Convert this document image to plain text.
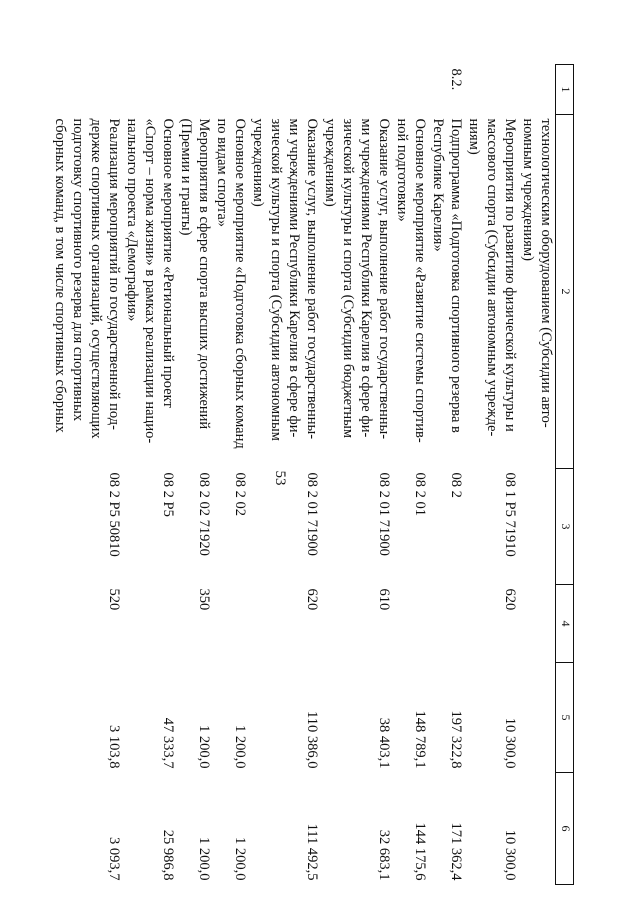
53
1	2	3	4	5	6
	технологическим оборудованием (Субсидии авто-
номным учреждениям)				
	Мероприятия по развитию физической культуры и
массового спорта (Субсидии автономным учрежде-
ниям)	08 1 Р5 71910	620	10 300,0	10 300,0
8.2.	Подпрограмма «Подготовка спортивного резерва в
Республике Карелия»	08 2		197 322,8	171 362,4
	Основное мероприятие «Развитие системы спортив-
ной подготовки»	08 2 01		148 789,1	144 175,6
	Оказание услуг, выполнение работ государственны-
ми учреждениями Республики Карелия в сфере фи-
зической культуры и спорта (Субсидии бюджетным
учреждениям)	08 2 01 71900	610	38 403,1	32 683,1
	Оказание услуг, выполнение работ государственны-
ми учреждениями Республики Карелия в сфере фи-
зической культуры и спорта (Субсидии автономным
учреждениям)	08 2 01 71900	620	110 386,0	111 492,5
	Основное мероприятие «Подготовка сборных команд
по видам спорта»	08 2 02		1 200,0	1 200,0
	Мероприятия в сфере спорта высших достижений
(Премии и гранты)	08 2 02 71920	350	1 200,0	1 200,0
	Основное мероприятие «Региональный проект
«Спорт – норма жизни» в рамках реализации нацио-
нального проекта «Демография»	08 2 Р5		47 333,7	25 986,8
	Реализация мероприятий по государственной под-
держке спортивных организаций, осуществляющих
подготовку спортивного резерва для спортивных
сборных команд, в том числе спортивных сборных	08 2 Р5 50810	520	3 103,8	3 093,7
